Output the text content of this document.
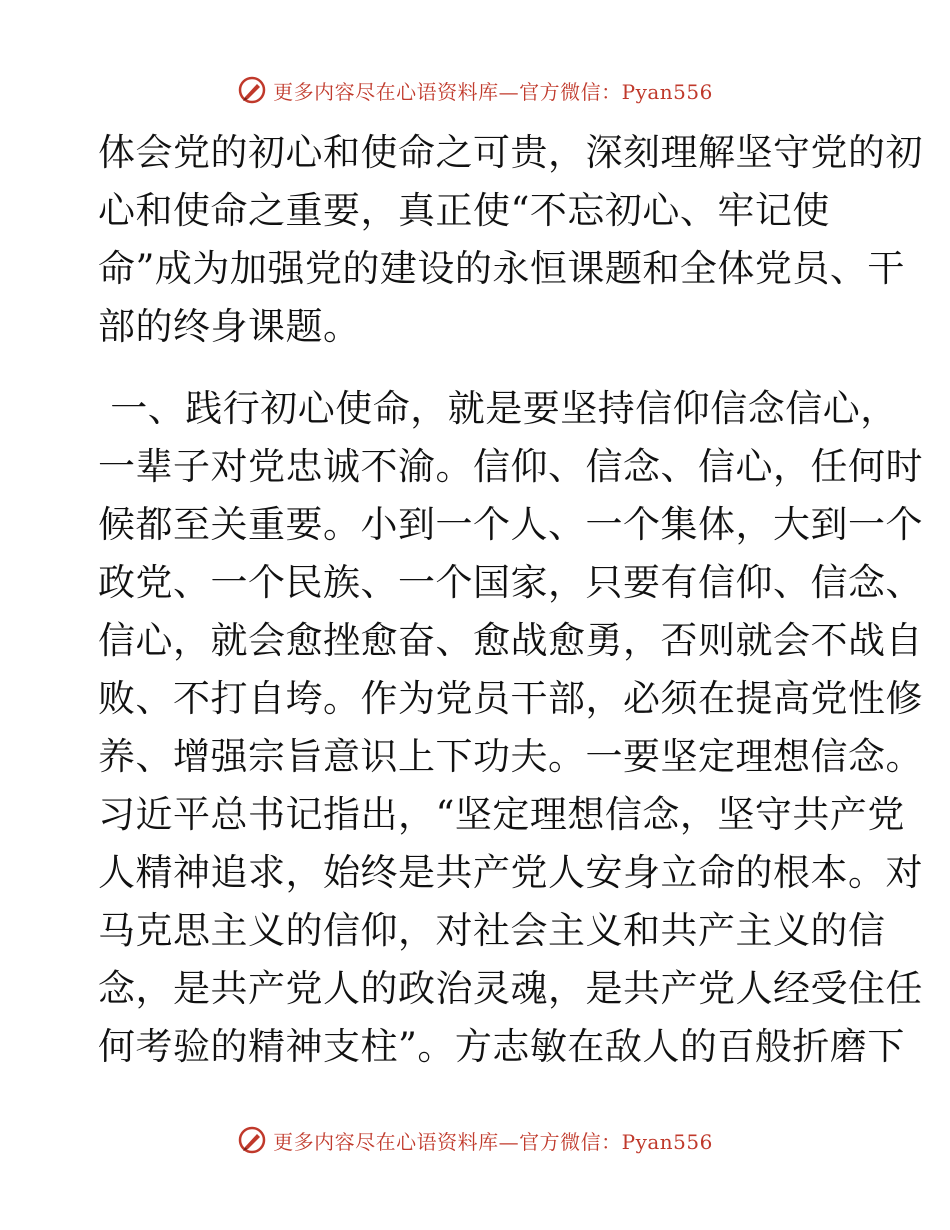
更多内容尽在心语资料库—官方微信：Pyan556
体会党的初心和使命之可贵，深刻理解坚守党的初
心和使命之重要，真正使“不忘初心、牢记使
命”成为加强党的建设的永恒课题和全体党员、干
部的终身课题。
一、践行初心使命，就是要坚持信仰信念信心，
一辈子对党忠诚不渝。信仰、信念、信心，任何时
候都至关重要。小到一个人、一个集体，大到一个
政党、一个民族、一个国家，只要有信仰、信念、
信心，就会愈挫愈奋、愈战愈勇，否则就会不战自
败、不打自垮。作为党员干部，必须在提高党性修
养、增强宗旨意识上下功夫。一要坚定理想信念。
习近平总书记指出，“坚定理想信念，坚守共产党
人精神追求，始终是共产党人安身立命的根本。对
马克思主义的信仰，对社会主义和共产主义的信
念，是共产党人的政治灵魂，是共产党人经受住任
何考验的精神支柱”。方志敏在敌人的百般折磨下
更多内容尽在心语资料库—官方微信：Pyan556
